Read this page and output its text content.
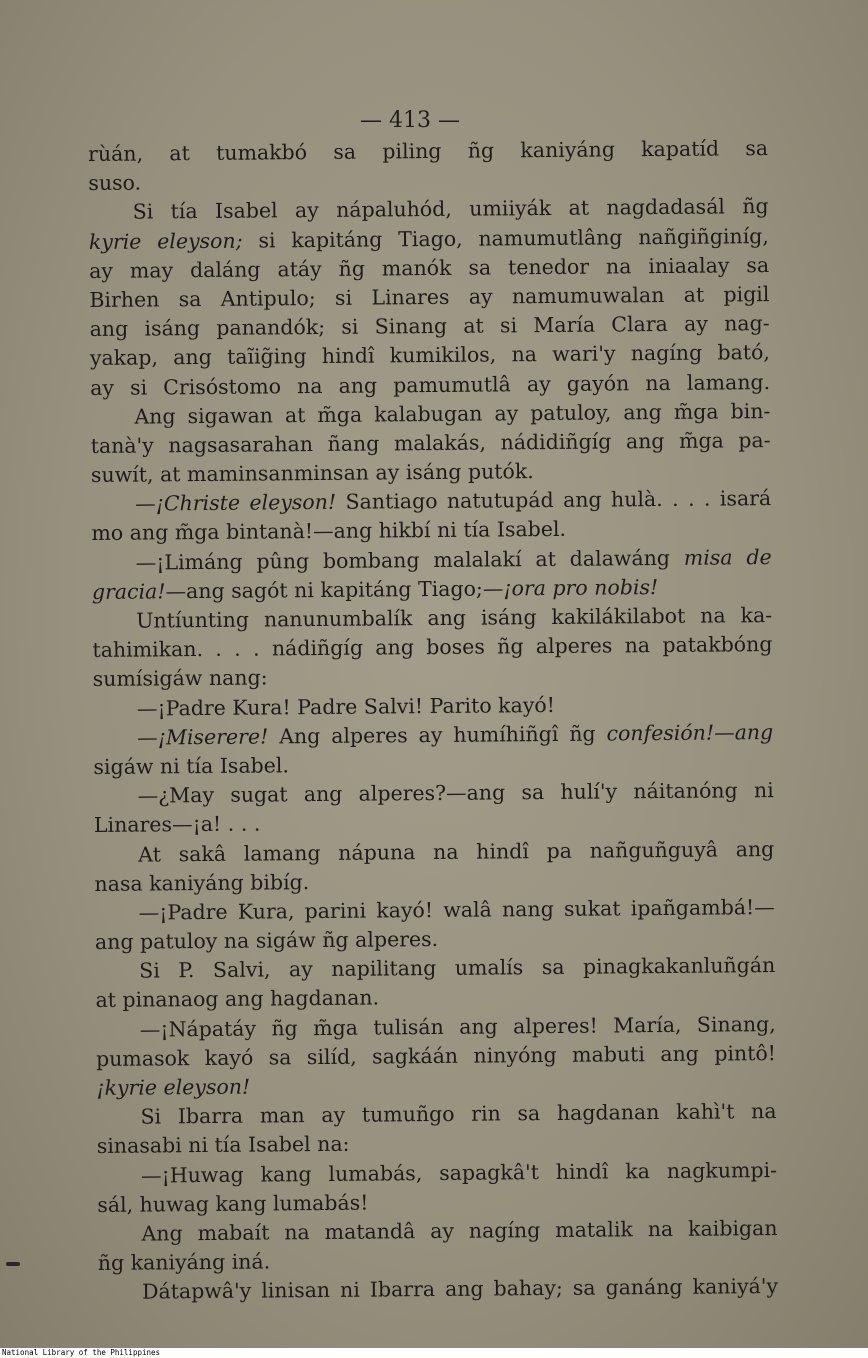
— 413 —
rùán, at tumakbó sa piling ñg kaniyáng kapatíd sa
suso.
Si tía Isabel ay nápaluhód, umiiyák at nagdadasál ñg
kyrie eleyson; si kapitáng Tiago, namumutlâng nañgiñginíg,
ay may daláng atáy ñg manók sa tenedor na iniaalay sa
Birhen sa Antipulo; si Linares ay namumuwalan at pigil
ang isáng panandók; si Sinang at si María Clara ay nag-
yakap, ang taĩig̃ing hindî kumikilos, na wari'y nagíng bató,
ay si Crisóstomo na ang pamumutlâ ay gayón na lamang.
Ang sigawan at m̃ga kalabugan ay patuloy, ang m̃ga bin-
tanà'y nagsasarahan ñang malakás, nádidiñgíg ang m̃ga pa-
suwít, at maminsanminsan ay isáng putók.
—¡Christe eleyson! Santiago natutupád ang hulà. . . . isará
mo ang m̃ga bintanà!—ang hikbí ni tía Isabel.
—¡Limáng pûng bombang malalakí at dalawáng misa de
gracia!—ang sagót ni kapitáng Tiago;—¡ora pro nobis!
Untíunting nanunumbalík ang isáng kakilákilabot na ka-
tahimikan. . . . nádiñgíg ang boses ñg alperes na patakbóng
sumísigáw nang:
—¡Padre Kura! Padre Salvi! Parito kayó!
—¡Miserere! Ang alperes ay humíhiñgî ñg confesión!—ang
sigáw ni tía Isabel.
—¿May sugat ang alperes?—ang sa hulí'y náitanóng ni
Linares—¡a! . . .
At sakâ lamang nápuna na hindî pa nañguñguyâ ang
nasa kaniyáng bibíg.
—¡Padre Kura, parini kayó! walâ nang sukat ipañgambá!—
ang patuloy na sigáw ñg alperes.
Si P. Salvi, ay napilitang umalís sa pinagkakanluñgán
at pinanaog ang hagdanan.
—¡Nápatáy ñg m̃ga tulisán ang alperes! María, Sinang,
pumasok kayó sa silíd, sagkáán ninyóng mabuti ang pintô!
¡kyrie eleyson!
Si Ibarra man ay tumuñgo rin sa hagdanan kahì't na
sinasabi ni tía Isabel na:
—¡Huwag kang lumabás, sapagkâ't hindî ka nagkumpi-
sál, huwag kang lumabás!
Ang mabaít na matandâ ay nagíng matalik na kaibigan
ñg kaniyáng iná.
Dátapwâ'y linisan ni Ibarra ang bahay; sa ganáng kaniyá'y
National Library of the Philippines
